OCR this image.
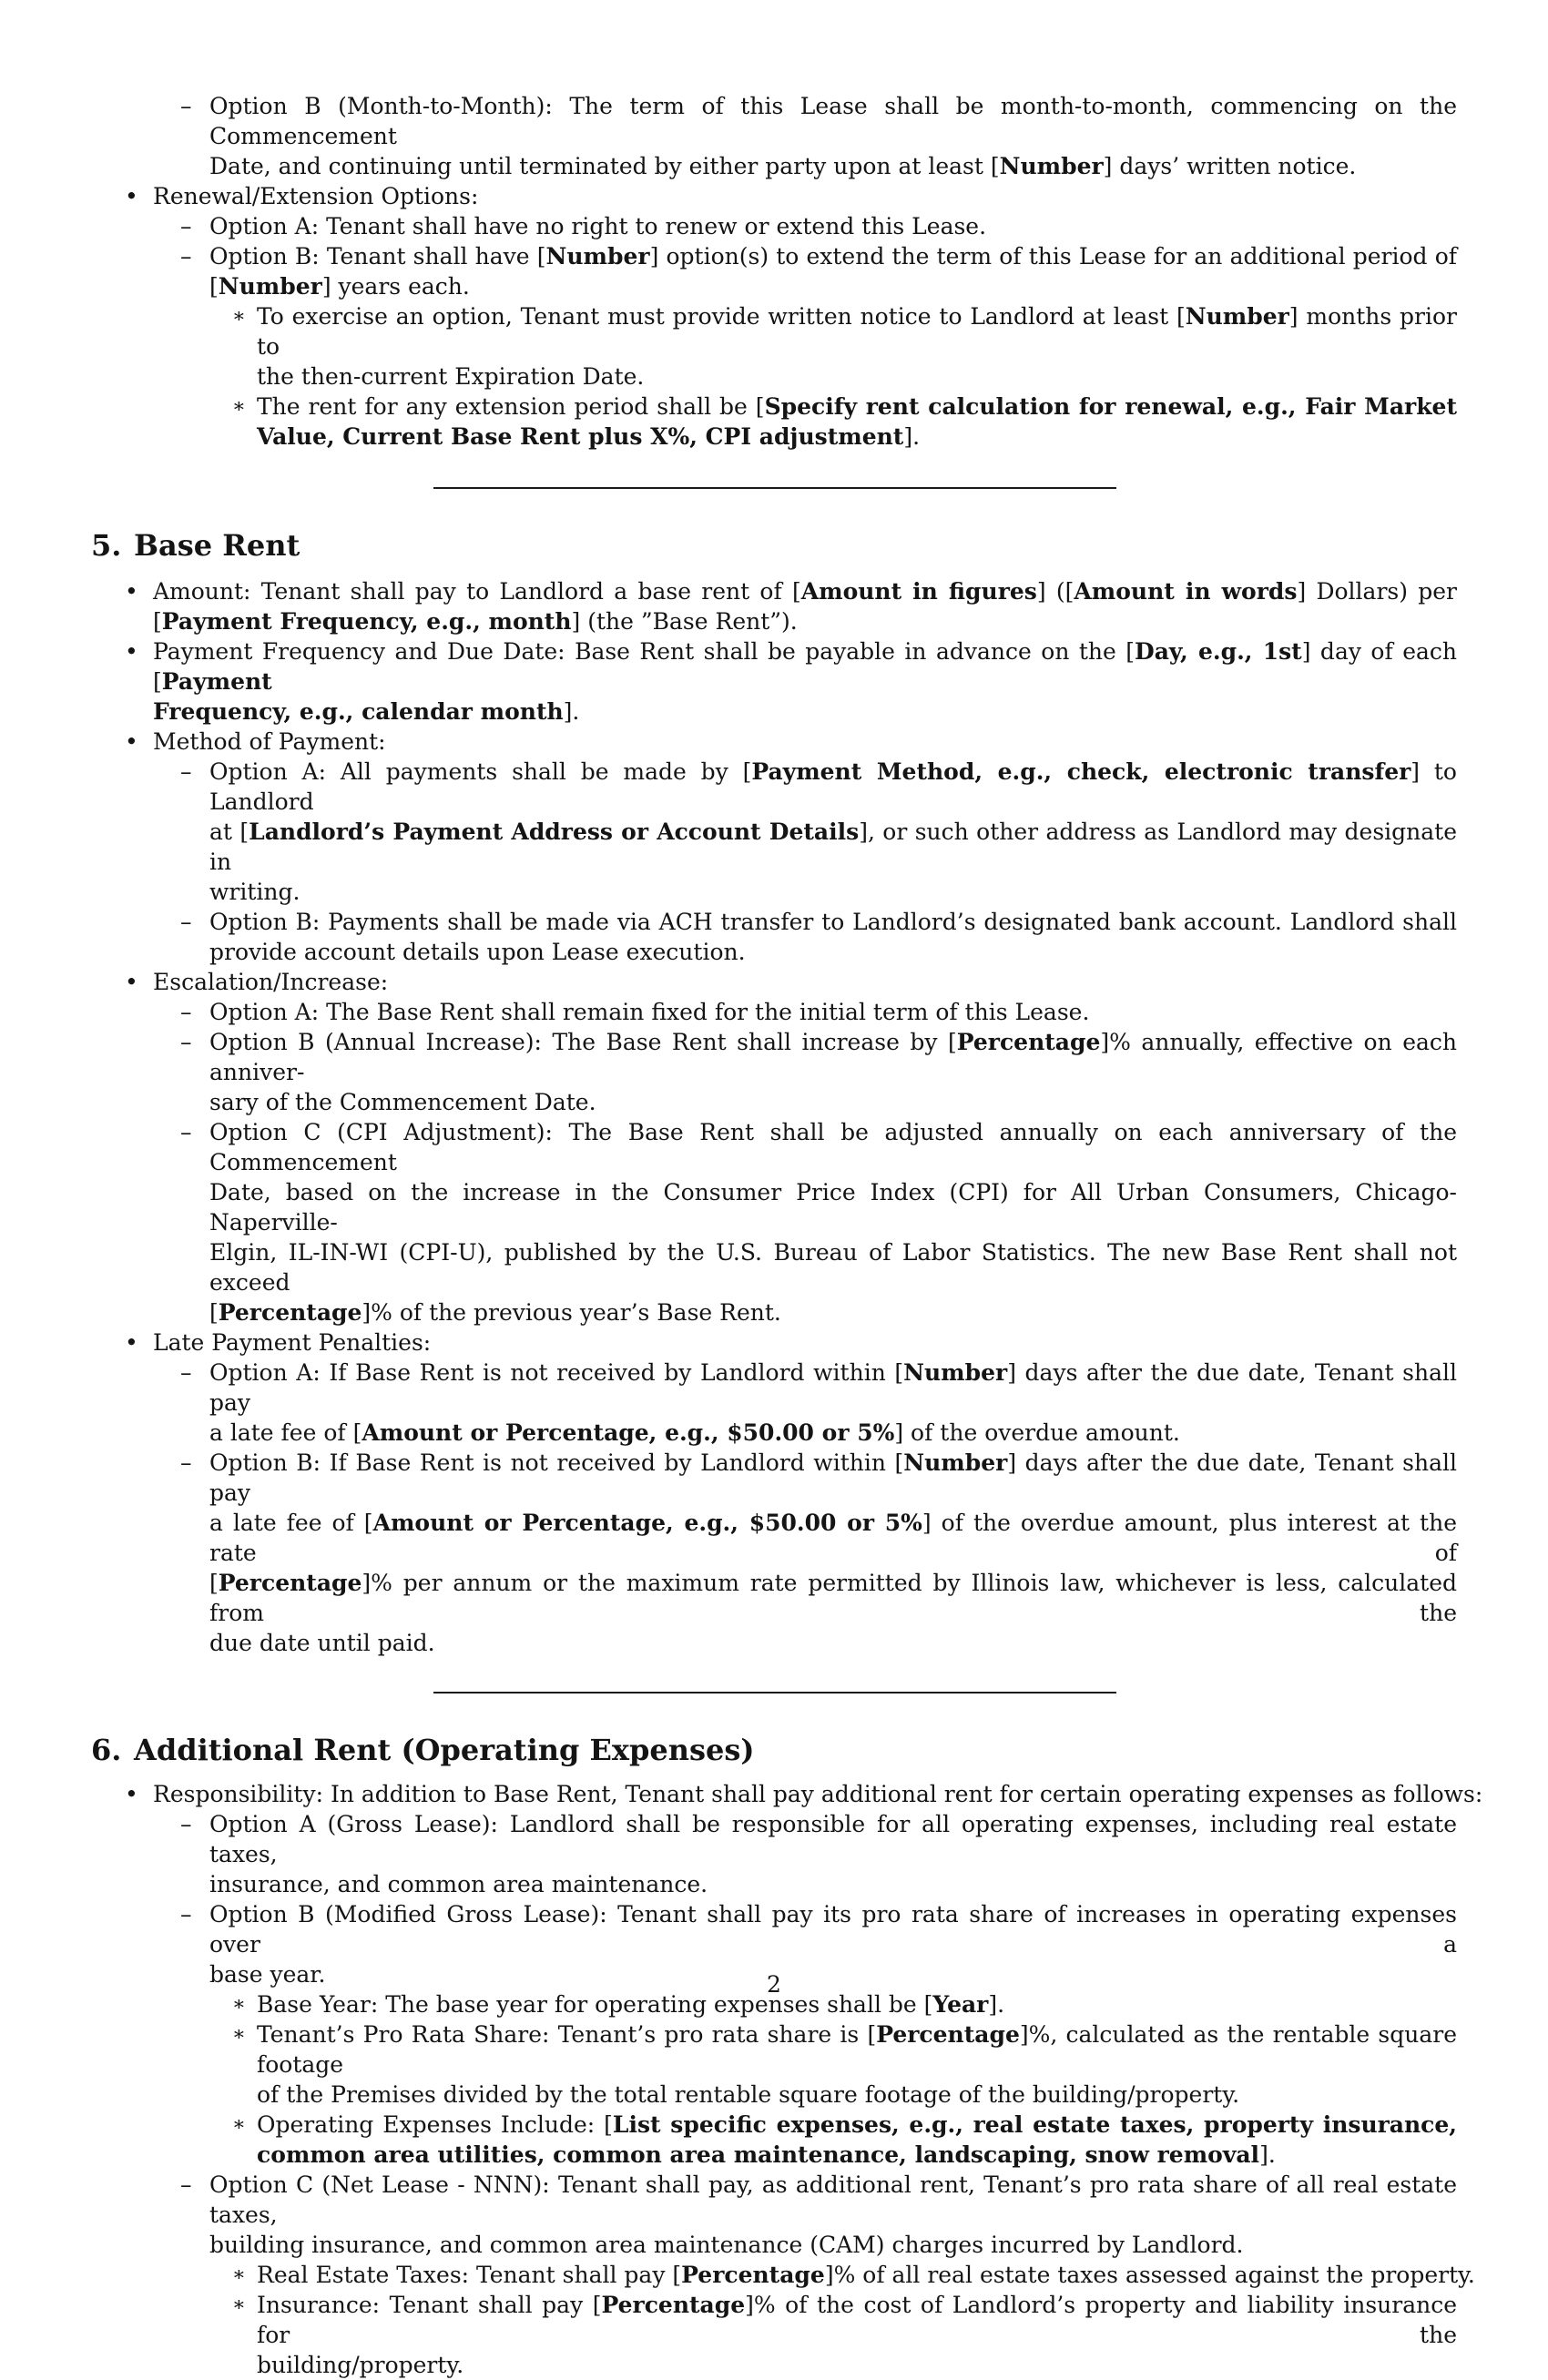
– Option B (Month-to-Month): The term of this Lease shall be month-to-month, commencing on the Commencement
Date, and continuing until terminated by either party upon at least [Number] days’ written notice.
• Renewal/Extension Options:
– Option A: Tenant shall have no right to renew or extend this Lease.
– Option B: Tenant shall have [Number] option(s) to extend the term of this Lease for an additional period of
[Number] years each.
∗ To exercise an option, Tenant must provide written notice to Landlord at least [Number] months prior to
the then-current Expiration Date.
∗ The rent for any extension period shall be [Specify rent calculation for renewal, e.g., Fair Market
Value, Current Base Rent plus X%, CPI adjustment].
5. Base Rent
• Amount: Tenant shall pay to Landlord a base rent of [Amount in figures] ([Amount in words] Dollars) per
[Payment Frequency, e.g., month] (the ”Base Rent”).
• Payment Frequency and Due Date: Base Rent shall be payable in advance on the [Day, e.g., 1st] day of each [Payment
Frequency, e.g., calendar month].
• Method of Payment:
– Option A: All payments shall be made by [Payment Method, e.g., check, electronic transfer] to Landlord
at [Landlord’s Payment Address or Account Details], or such other address as Landlord may designate in
writing.
– Option B: Payments shall be made via ACH transfer to Landlord’s designated bank account. Landlord shall
provide account details upon Lease execution.
• Escalation/Increase:
– Option A: The Base Rent shall remain fixed for the initial term of this Lease.
– Option B (Annual Increase): The Base Rent shall increase by [Percentage]% annually, effective on each anniver-
sary of the Commencement Date.
– Option C (CPI Adjustment): The Base Rent shall be adjusted annually on each anniversary of the Commencement
Date, based on the increase in the Consumer Price Index (CPI) for All Urban Consumers, Chicago-Naperville-
Elgin, IL-IN-WI (CPI-U), published by the U.S. Bureau of Labor Statistics. The new Base Rent shall not exceed
[Percentage]% of the previous year’s Base Rent.
• Late Payment Penalties:
– Option A: If Base Rent is not received by Landlord within [Number] days after the due date, Tenant shall pay
a late fee of [Amount or Percentage, e.g., $50.00 or 5%] of the overdue amount.
– Option B: If Base Rent is not received by Landlord within [Number] days after the due date, Tenant shall pay
a late fee of [Amount or Percentage, e.g., $50.00 or 5%] of the overdue amount, plus interest at the rate of
[Percentage]% per annum or the maximum rate permitted by Illinois law, whichever is less, calculated from the
due date until paid.
6. Additional Rent (Operating Expenses)
• Responsibility: In addition to Base Rent, Tenant shall pay additional rent for certain operating expenses as follows:
– Option A (Gross Lease): Landlord shall be responsible for all operating expenses, including real estate taxes,
insurance, and common area maintenance.
– Option B (Modified Gross Lease): Tenant shall pay its pro rata share of increases in operating expenses over a
base year.
∗ Base Year: The base year for operating expenses shall be [Year].
∗ Tenant’s Pro Rata Share: Tenant’s pro rata share is [Percentage]%, calculated as the rentable square footage
of the Premises divided by the total rentable square footage of the building/property.
∗ Operating Expenses Include: [List specific expenses, e.g., real estate taxes, property insurance,
common area utilities, common area maintenance, landscaping, snow removal].
– Option C (Net Lease - NNN): Tenant shall pay, as additional rent, Tenant’s pro rata share of all real estate taxes,
building insurance, and common area maintenance (CAM) charges incurred by Landlord.
∗ Real Estate Taxes: Tenant shall pay [Percentage]% of all real estate taxes assessed against the property.
∗ Insurance: Tenant shall pay [Percentage]% of the cost of Landlord’s property and liability insurance for the
building/property.
2
